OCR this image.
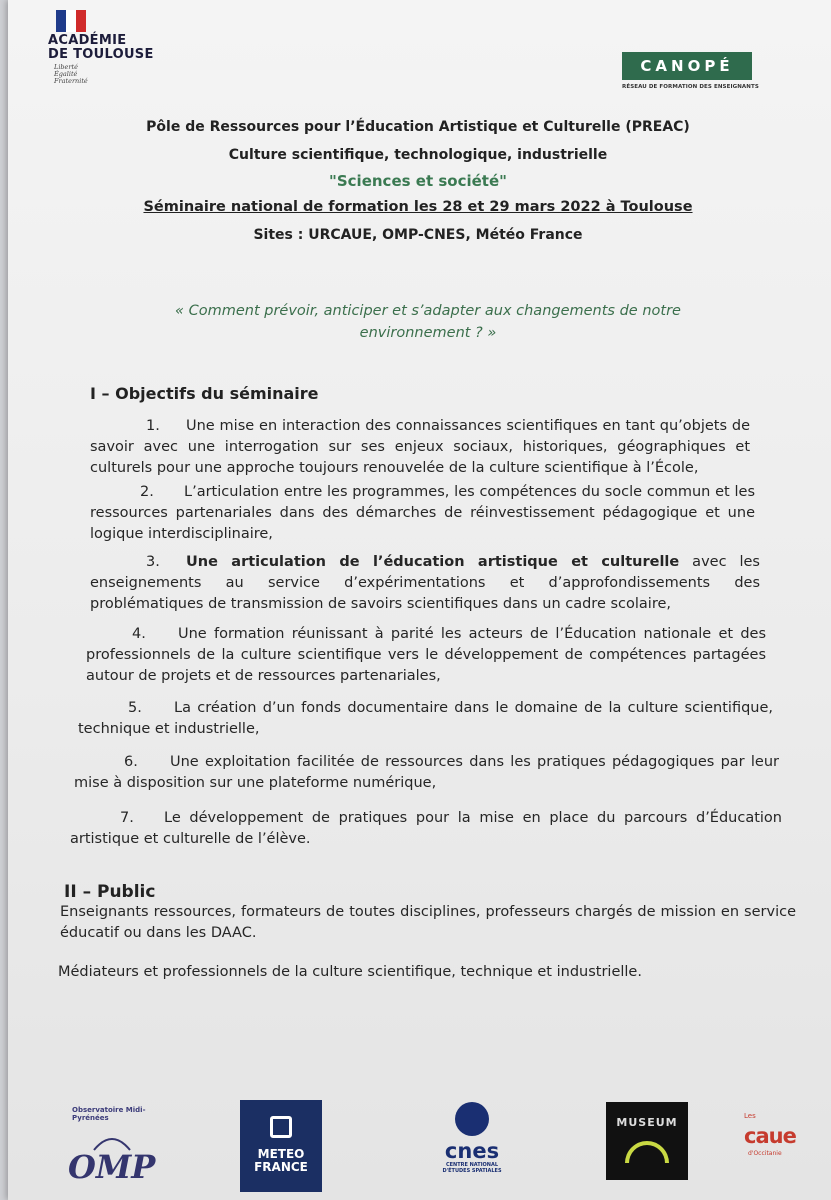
ACADÉMIE
DE TOULOUSE
Liberté
Égalité
Fraternité
CANOPÉ
RÉSEAU DE FORMATION DES ENSEIGNANTS
Pôle de Ressources pour l’Éducation Artistique et Culturelle (PREAC)
Culture scientifique, technologique, industrielle
"Sciences et société"
Séminaire national de formation les 28 et 29 mars 2022 à Toulouse
Sites : URCAUE, OMP-CNES, Météo France
« Comment prévoir, anticiper et s’adapter aux changements de notre
environnement ? »
I – Objectifs du séminaire
1. Une mise en interaction des connaissances scientifiques en tant qu’objets de savoir avec une interrogation sur ses enjeux sociaux, historiques, géographiques et culturels pour une approche toujours renouvelée de la culture scientifique à l’École,
2. L’articulation entre les programmes, les compétences du socle commun et les ressources partenariales dans des démarches de réinvestissement pédagogique et une logique interdisciplinaire,
3. Une articulation de l’éducation artistique et culturelle avec les enseignements au service d’expérimentations et d’approfondissements des problématiques de transmission de savoirs scientifiques dans un cadre scolaire,
4. Une formation réunissant à parité les acteurs de l’Éducation nationale et des professionnels de la culture scientifique vers le développement de compétences partagées autour de projets et de ressources partenariales,
5. La création d’un fonds documentaire dans le domaine de la culture scientifique, technique et industrielle,
6. Une exploitation facilitée de ressources dans les pratiques pédagogiques par leur mise à disposition sur une plateforme numérique,
7. Le développement de pratiques pour la mise en place du parcours d’Éducation artistique et culturelle de l’élève.
II – Public
Enseignants ressources, formateurs de toutes disciplines, professeurs chargés de mission en service éducatif ou dans les DAAC.
Médiateurs et professionnels de la culture scientifique, technique et industrielle.
Observatoire Midi-Pyrénées
OMP	METEO
FRANCE
cnes
CENTRE NATIONAL
D'ÉTUDES SPATIALES
MUSEUM	Les
caue
d'Occitanie
